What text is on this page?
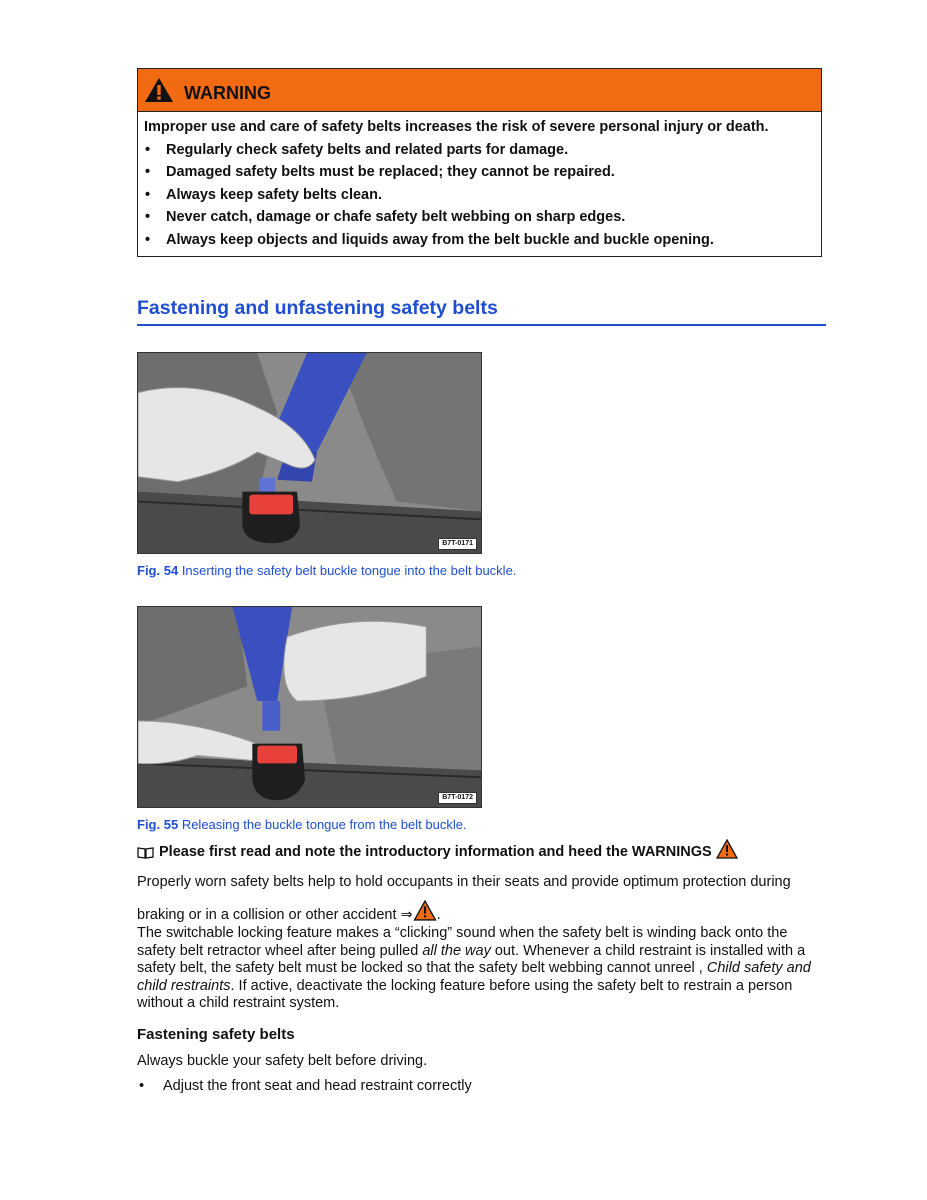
WARNING
Improper use and care of safety belts increases the risk of severe personal injury or death.
• Regularly check safety belts and related parts for damage.
• Damaged safety belts must be replaced; they cannot be repaired.
• Always keep safety belts clean.
• Never catch, damage or chafe safety belt webbing on sharp edges.
• Always keep objects and liquids away from the belt buckle and buckle opening.
Fastening and unfastening safety belts
B7T-0171
Fig. 54 Inserting the safety belt buckle tongue into the belt buckle.
B7T-0172
Fig. 55 Releasing the buckle tongue from the belt buckle.
Please first read and note the introductory information and heed the WARNINGS
Properly worn safety belts help to hold occupants in their seats and provide optimum protection during
braking or in a collision or other accident ⇒ .
The switchable locking feature makes a “clicking” sound when the safety belt is winding back onto the safety belt retractor wheel after being pulled all the way out. Whenever a child restraint is installed with a safety belt, the safety belt must be locked so that the safety belt webbing cannot unreel , Child safety and child restraints. If active, deactivate the locking feature before using the safety belt to restrain a person without a child restraint system.
Fastening safety belts
Always buckle your safety belt before driving.
• Adjust the front seat and head restraint correctly
